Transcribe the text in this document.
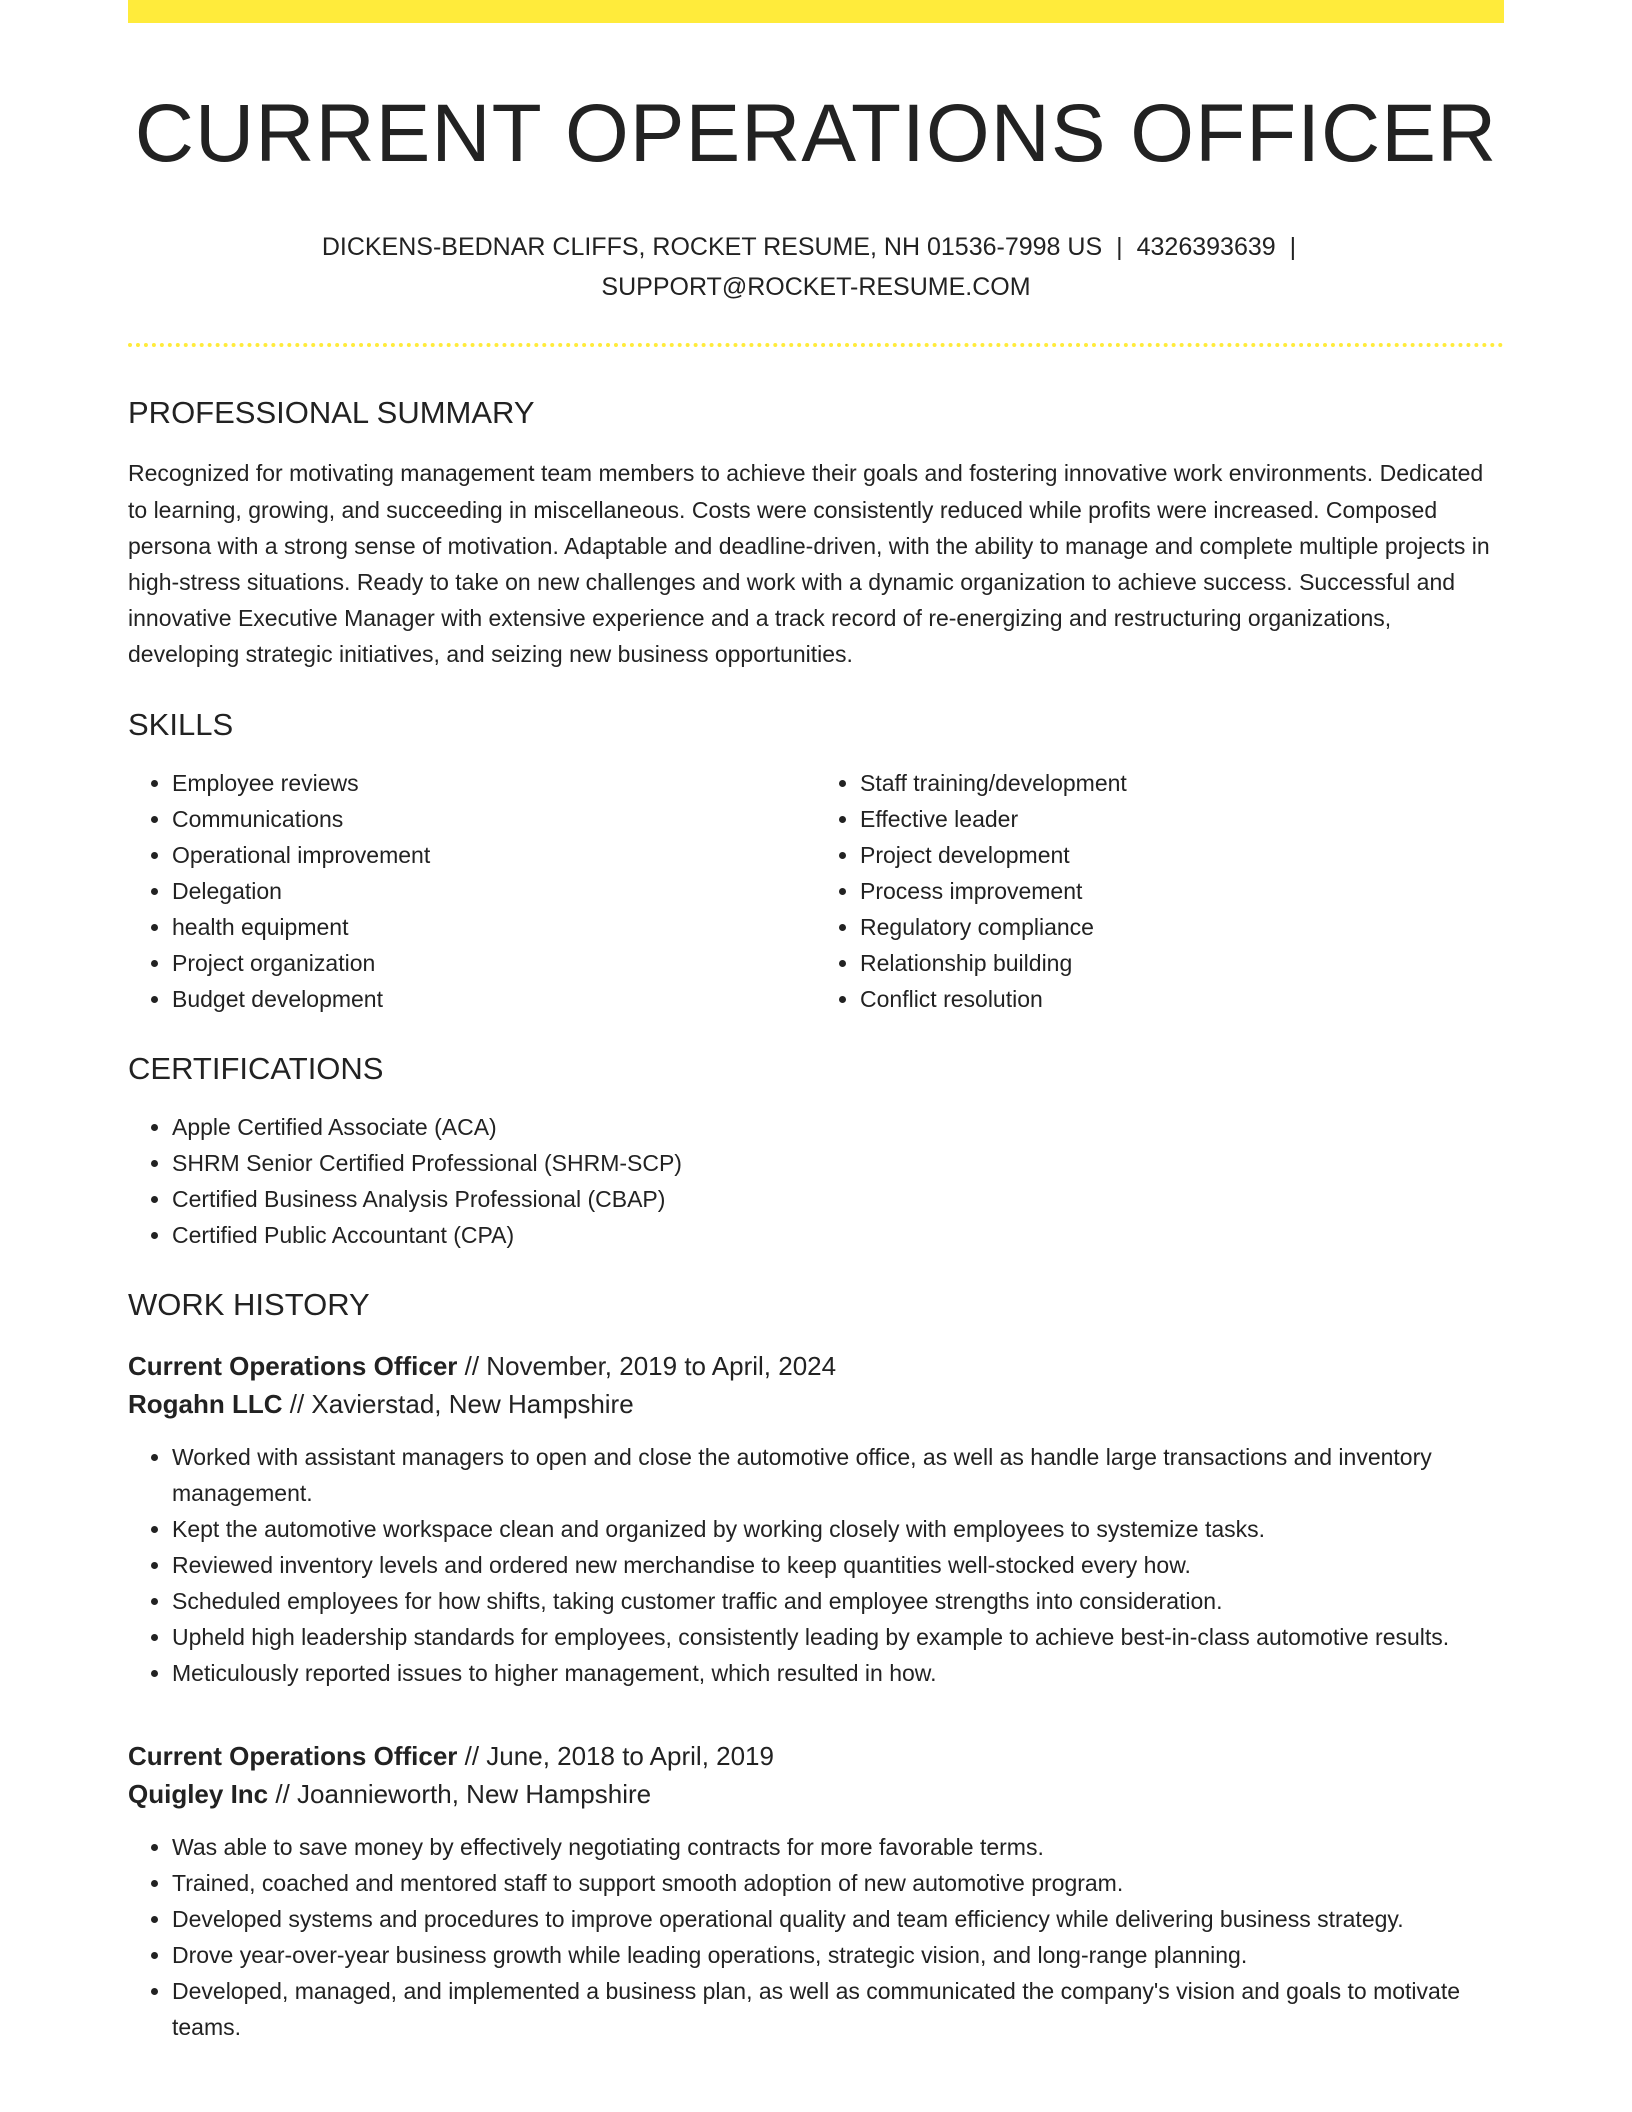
CURRENT OPERATIONS OFFICER
DICKENS-BEDNAR CLIFFS, ROCKET RESUME, NH 01536-7998 US | 4326393639 |
SUPPORT@ROCKET-RESUME.COM
PROFESSIONAL SUMMARY

Recognized for motivating management team members to achieve their goals and fostering innovative work environments. Dedicated to learning, growing, and succeeding in miscellaneous. Costs were consistently reduced while profits were increased. Composed persona with a strong sense of motivation. Adaptable and deadline-driven, with the ability to manage and complete multiple projects in high-stress situations. Ready to take on new challenges and work with a dynamic organization to achieve success. Successful and innovative Executive Manager with extensive experience and a track record of re-energizing and restructuring organizations, developing strategic initiatives, and seizing new business opportunities.

SKILLS
• Employee reviews
• Communications
• Operational improvement
• Delegation
• health equipment
• Project organization
• Budget development
• Staff training/development
• Effective leader
• Project development
• Process improvement
• Regulatory compliance
• Relationship building
• Conflict resolution
CERTIFICATIONS
• Apple Certified Associate (ACA)
• SHRM Senior Certified Professional (SHRM-SCP)
• Certified Business Analysis Professional (CBAP)
• Certified Public Accountant (CPA)
WORK HISTORY
Current Operations Officer // November, 2019 to April, 2024
Rogahn LLC // Xavierstad, New Hampshire
• Worked with assistant managers to open and close the automotive office, as well as handle large transactions and inventory management.
• Kept the automotive workspace clean and organized by working closely with employees to systemize tasks.
• Reviewed inventory levels and ordered new merchandise to keep quantities well-stocked every how.
• Scheduled employees for how shifts, taking customer traffic and employee strengths into consideration.
• Upheld high leadership standards for employees, consistently leading by example to achieve best-in-class automotive results.
• Meticulously reported issues to higher management, which resulted in how.
Current Operations Officer // June, 2018 to April, 2019
Quigley Inc // Joannieworth, New Hampshire
• Was able to save money by effectively negotiating contracts for more favorable terms.
• Trained, coached and mentored staff to support smooth adoption of new automotive program.
• Developed systems and procedures to improve operational quality and team efficiency while delivering business strategy.
• Drove year-over-year business growth while leading operations, strategic vision, and long-range planning.
• Developed, managed, and implemented a business plan, as well as communicated the company's vision and goals to motivate teams.
